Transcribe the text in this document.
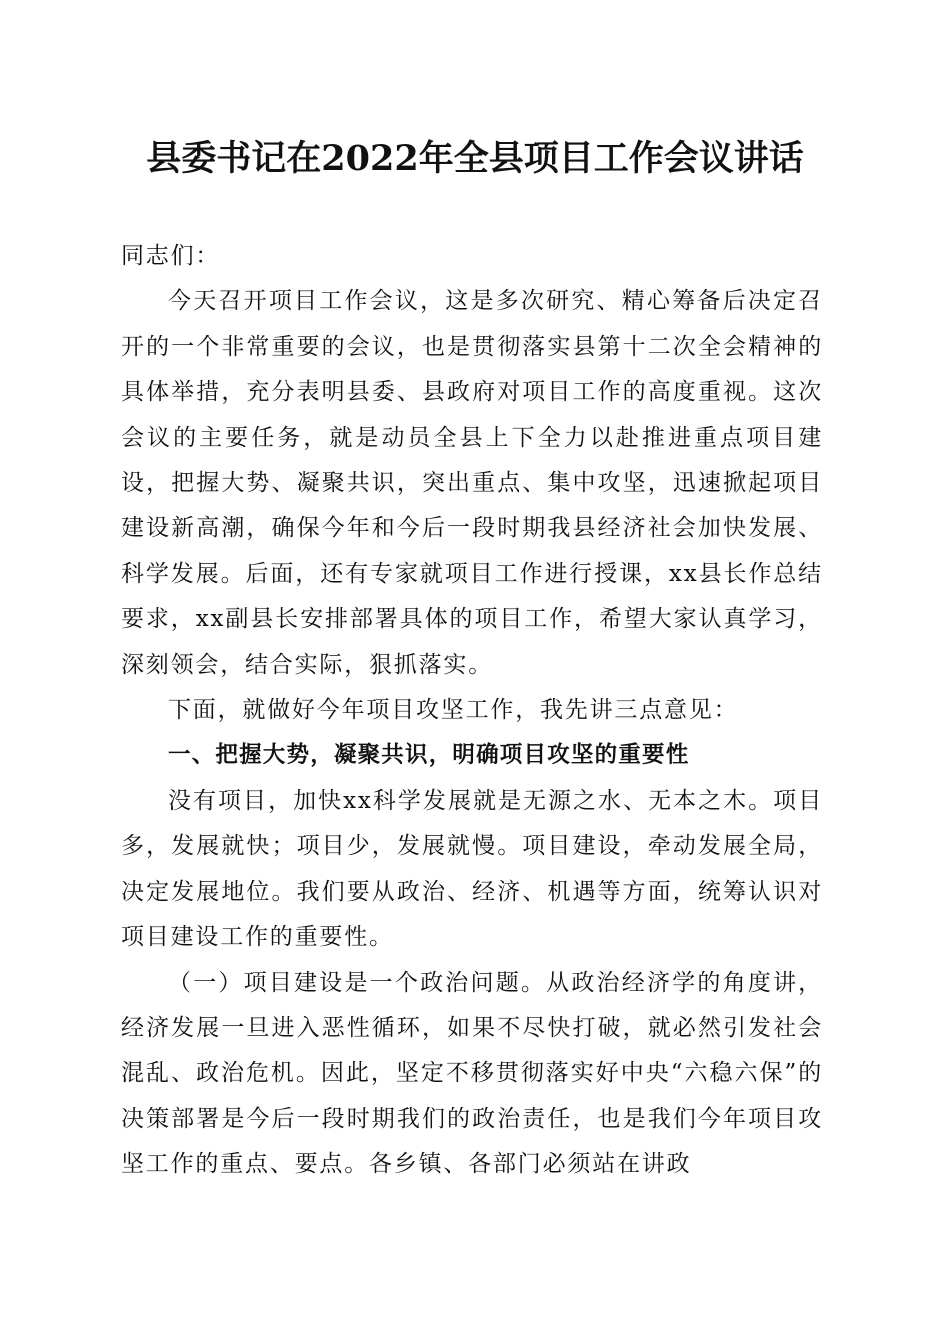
县委书记在2022年全县项目工作会议讲话

同志们：

今天召开项目工作会议，这是多次研究、精心筹备后决定召开的一个非常重要的会议，也是贯彻落实县第十二次全会精神的具体举措，充分表明县委、县政府对项目工作的高度重视。这次会议的主要任务，就是动员全县上下全力以赴推进重点项目建设，把握大势、凝聚共识，突出重点、集中攻坚，迅速掀起项目建设新高潮，确保今年和今后一段时期我县经济社会加快发展、科学发展。后面，还有专家就项目工作进行授课，xx县长作总结要求，xx副县长安排部署具体的项目工作，希望大家认真学习，深刻领会，结合实际，狠抓落实。

下面，就做好今年项目攻坚工作，我先讲三点意见：

一、把握大势，凝聚共识，明确项目攻坚的重要性

没有项目，加快xx科学发展就是无源之水、无本之木。项目多，发展就快；项目少，发展就慢。项目建设，牵动发展全局，决定发展地位。我们要从政治、经济、机遇等方面，统筹认识对项目建设工作的重要性。

（一）项目建设是一个政治问题。从政治经济学的角度讲，经济发展一旦进入恶性循环，如果不尽快打破，就必然引发社会混乱、政治危机。因此，坚定不移贯彻落实好中央“六稳六保”的决策部署是今后一段时期我们的政治责任，也是我们今年项目攻坚工作的重点、要点。各乡镇、各部门必须站在讲政
